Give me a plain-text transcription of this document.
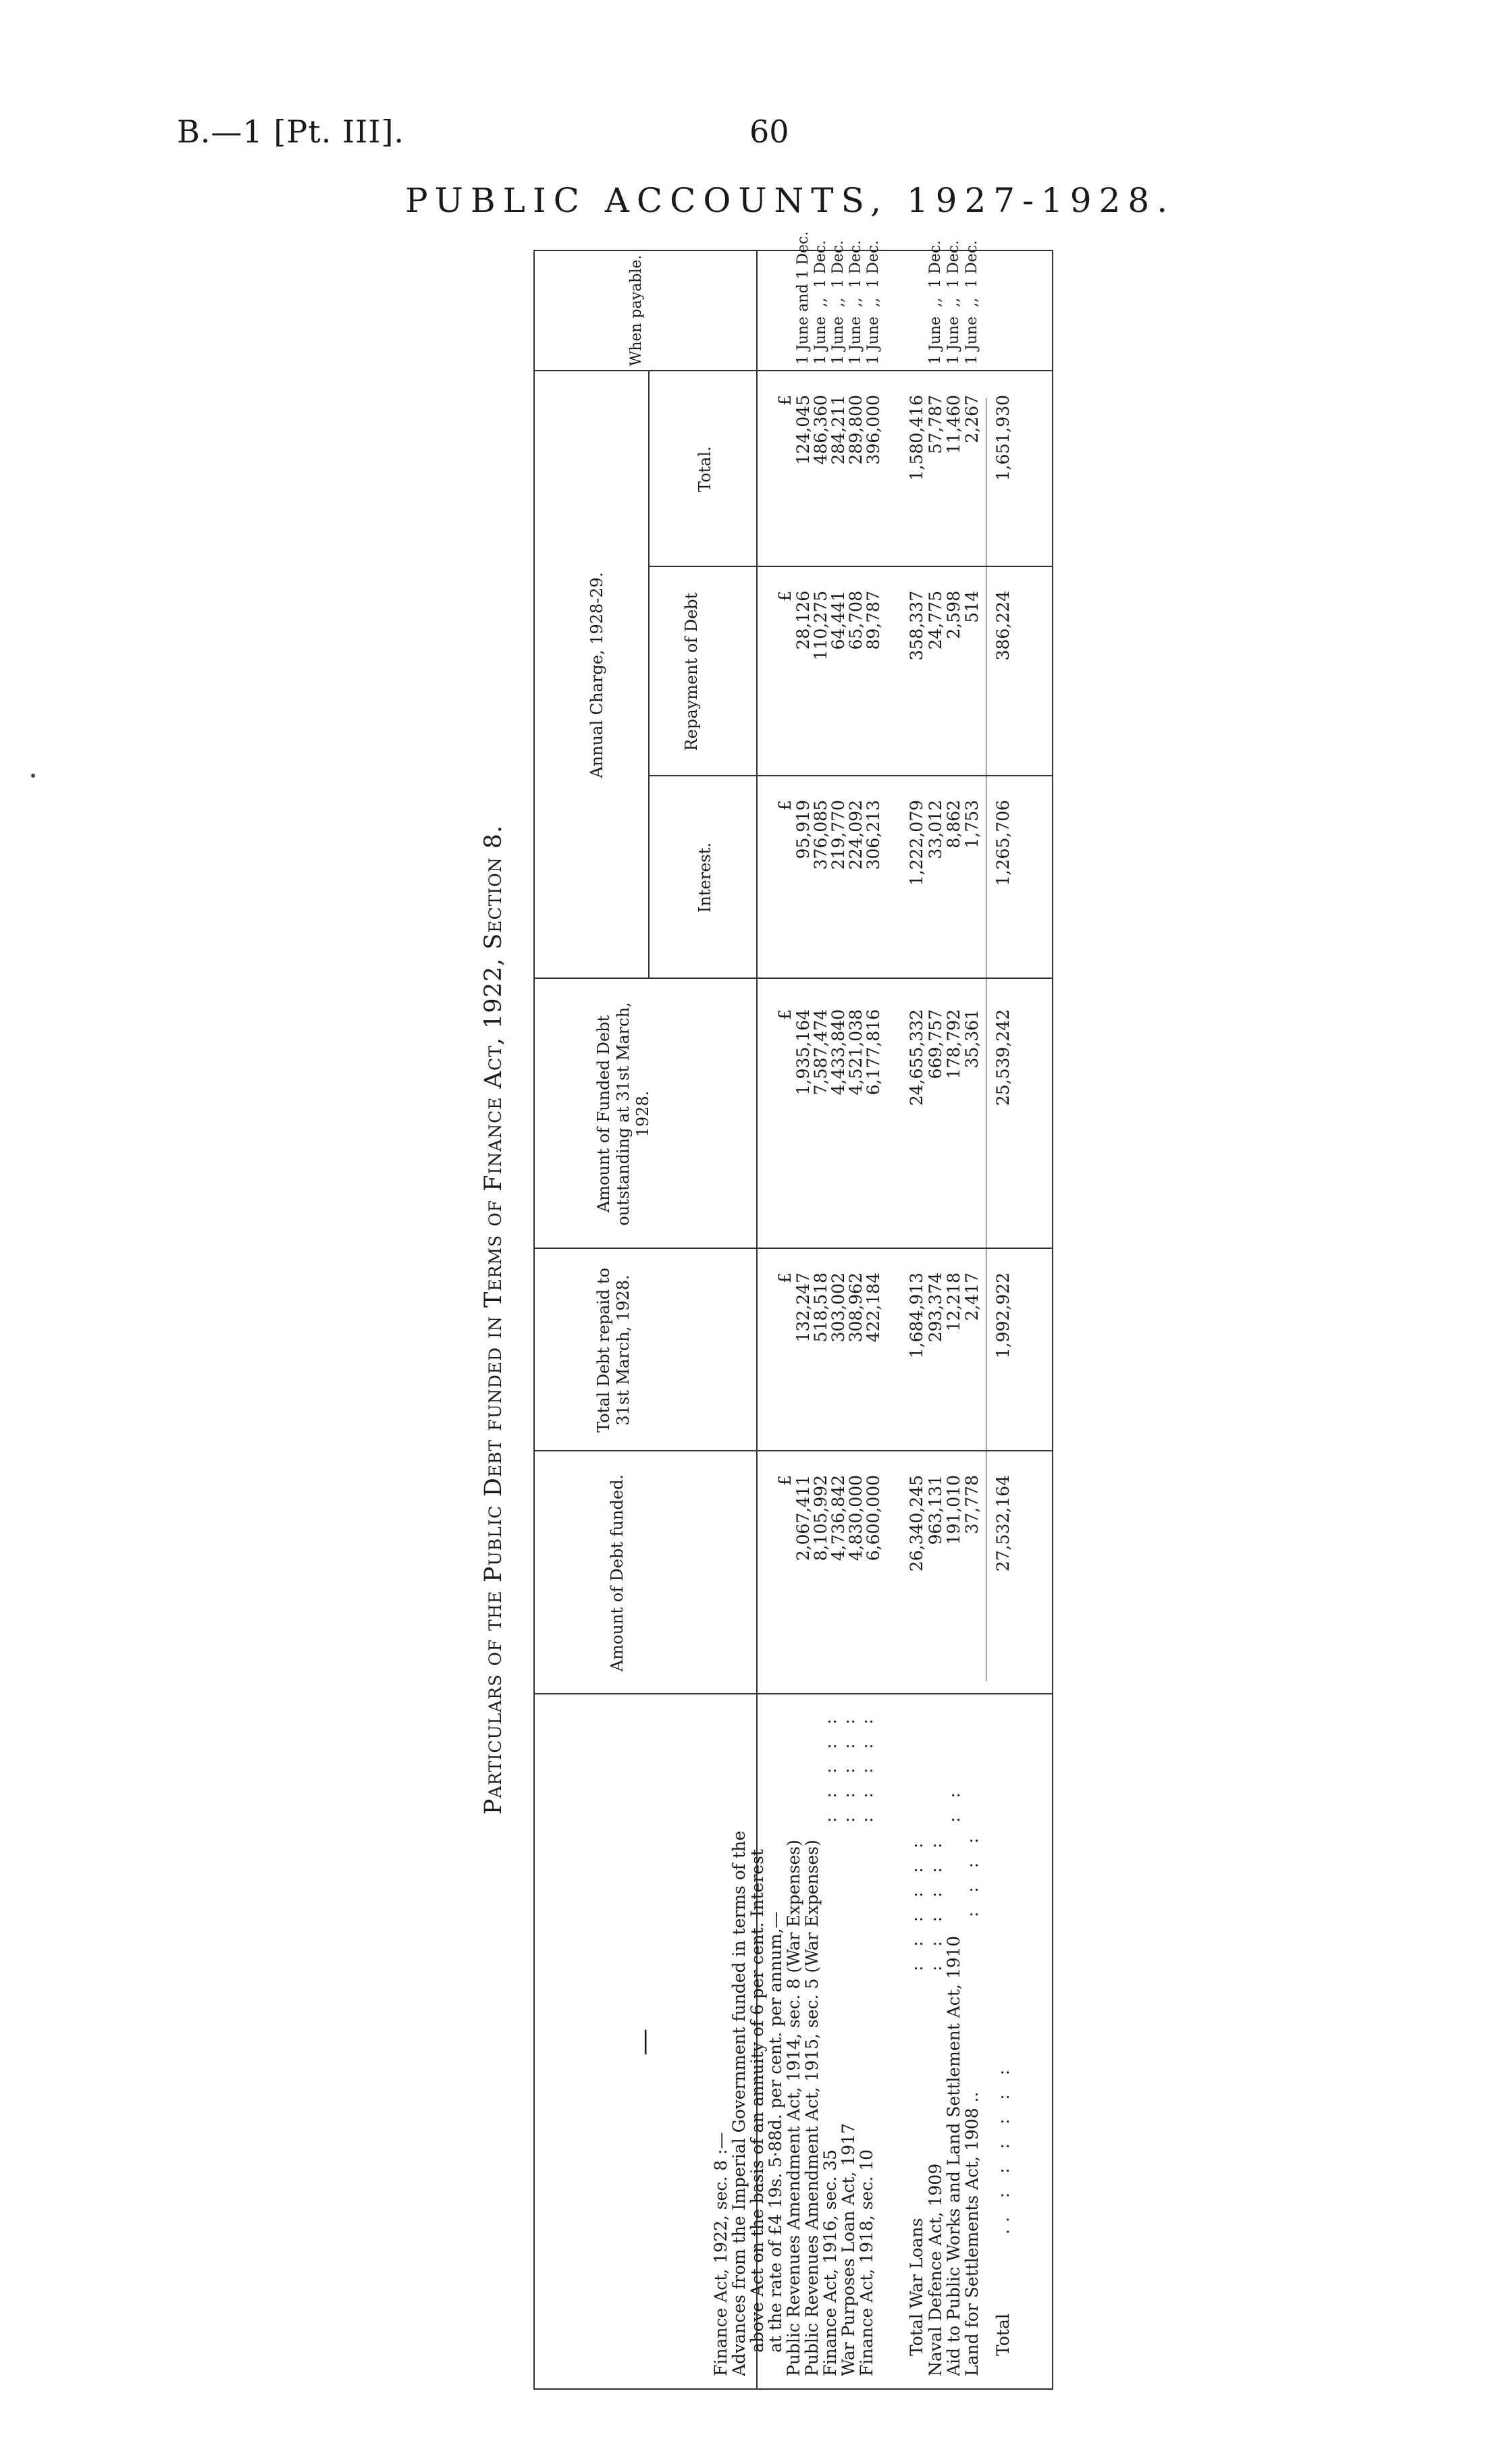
B.—1 [Pt. III].	60
PUBLIC ACCOUNTS, 1927-1928.
Particulars of the Public Debt funded in Terms of Finance Act, 1922, Section 8.
—
Amount of Debt funded.
Total Debt repaid to 31st March, 1928.
Amount of Funded Debt outstanding at 31st March, 1928.
Annual Charge, 1928-29.
Interest.
Repayment of Debt
Total.
When payable.
£
£
£
£
£
£
Finance Act, 1922, sec. 8 :—
Advances from the Imperial Government funded in terms of the
above Act on the basis of an annuity of 6 per cent. Interest
at the rate of £4 19s. 5·88d. per cent. per annum,—
Public Revenues Amendment Act, 1914, sec. 8 (War Expenses)
2,067,411
132,247
1,935,164
95,919
28,126
124,045
1 June and 1 Dec.
Public Revenues Amendment Act, 1915, sec. 5 (War Expenses)
8,105,992
518,518
7,587,474
376,085
110,275
486,360
1 June  ,,  1 Dec.
Finance Act, 1916, sec. 35
: : : : :
4,736,842
303,002
4,433,840
219,770
64,441
284,211
1 June  ,,  1 Dec.
War Purposes Loan Act, 1917
: : : : :
4,830,000
308,962
4,521,038
224,092
65,708
289,800
1 June  ,,  1 Dec.
Finance Act, 1918, sec. 10
: : : : :
6,600,000
422,184
6,177,816
306,213
89,787
396,000
1 June  ,,  1 Dec.
Total War Loans
: : : : : :
26,340,245
1,684,913
24,655,332
1,222,079
358,337
1,580,416
Naval Defence Act, 1909
: : : : : :
963,131
293,374
669,757
33,012
24,775
57,787
1 June  ,,  1 Dec.
Aid to Public Works and Land Settlement Act, 1910
: :
191,010
12,218
178,792
8,862
2,598
11,460
1 June  ,,  1 Dec.
Land for Settlements Act, 1908 ..
: : : :
37,778
2,417
35,361
1,753
514
2,267
1 June  ,,  1 Dec.
Total
.. : : : : : :
27,532,164
1,992,922
25,539,242
1,265,706
386,224
1,651,930
